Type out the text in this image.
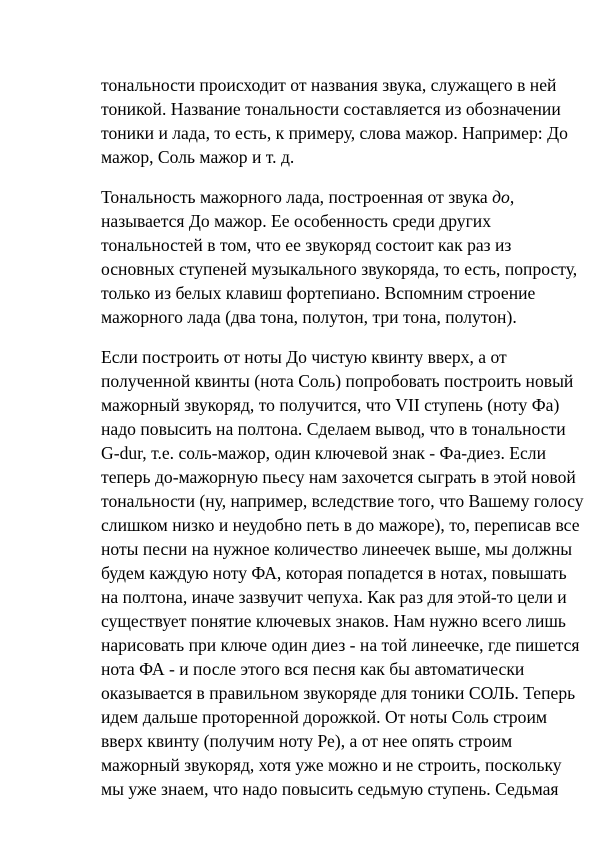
тональности происходит от названия звука, служащего в ней
тоникой. Название тональности составляется из обозначении
тоники и лада, то есть, к примеру, слова мажор. Например: До
мажор, Соль мажор и т. д.

Тональность мажорного лада, построенная от звука до,
называется До мажор. Ее особенность среди других
тональностей в том, что ее звукоряд состоит как раз из
основных ступеней музыкального звукоряда, то есть, попросту,
только из белых клавиш фортепиано. Вспомним строение
мажорного лада (два тона, полутон, три тона, полутон).

Если построить от ноты До чистую квинту вверх, а от
полученной квинты (нота Соль) попробовать построить новый
мажорный звукоряд, то получится, что VII ступень (ноту Фа)
надо повысить на полтона. Сделаем вывод, что в тональности
G-dur, т.е. соль-мажор, один ключевой знак - Фа-диез. Если
теперь до-мажорную пьесу нам захочется сыграть в этой новой
тональности (ну, например, вследствие того, что Вашему голосу
слишком низко и неудобно петь в до мажоре), то, переписав все
ноты песни на нужное количество линеечек выше, мы должны
будем каждую ноту ФА, которая попадется в нотах, повышать
на полтона, иначе зазвучит чепуха. Как раз для этой-то цели и
существует понятие ключевых знаков. Нам нужно всего лишь
нарисовать при ключе один диез - на той линеечке, где пишется
нота ФА - и после этого вся песня как бы автоматически
оказывается в правильном звукоряде для тоники СОЛЬ. Теперь
идем дальше проторенной дорожкой. От ноты Соль строим
вверх квинту (получим ноту Ре), а от нее опять строим
мажорный звукоряд, хотя уже можно и не строить, поскольку
мы уже знаем, что надо повысить седьмую ступень. Седьмая
